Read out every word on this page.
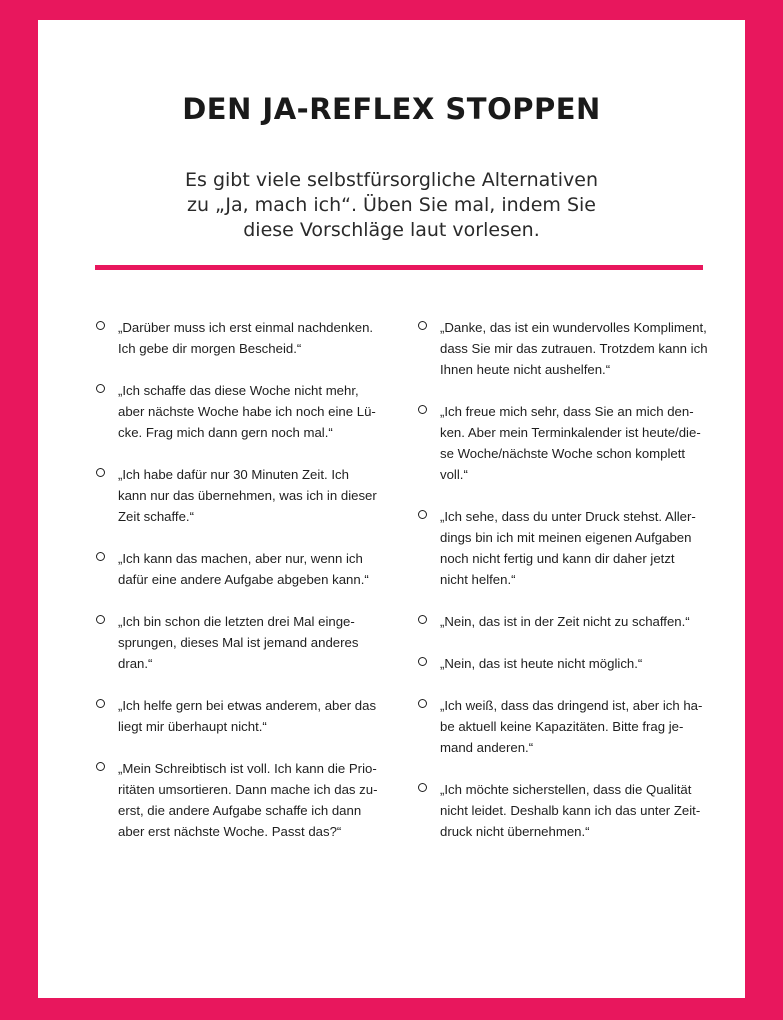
DEN JA-REFLEX STOPPEN

Es gibt viele selbstfürsorgliche Alternativen
zu „Ja, mach ich“. Üben Sie mal, indem Sie
diese Vorschläge laut vorlesen.

„Darüber muss ich erst einmal nachdenken.
Ich gebe dir morgen Bescheid.“
„Ich schaffe das diese Woche nicht mehr,
aber nächste Woche habe ich noch eine Lü-
cke. Frag mich dann gern noch mal.“
„Ich habe dafür nur 30 Minuten Zeit. Ich
kann nur das übernehmen, was ich in dieser
Zeit schaffe.“
„Ich kann das machen, aber nur, wenn ich
dafür eine andere Aufgabe abgeben kann.“
„Ich bin schon die letzten drei Mal einge-
sprungen, dieses Mal ist jemand anderes
dran.“
„Ich helfe gern bei etwas anderem, aber das
liegt mir überhaupt nicht.“
„Mein Schreibtisch ist voll. Ich kann die Prio-
ritäten umsortieren. Dann mache ich das zu-
erst, die andere Aufgabe schaffe ich dann
aber erst nächste Woche. Passt das?“
„Danke, das ist ein wundervolles Kompliment,
dass Sie mir das zutrauen. Trotzdem kann ich
Ihnen heute nicht aushelfen.“
„Ich freue mich sehr, dass Sie an mich den-
ken. Aber mein Terminkalender ist heute/die-
se Woche/nächste Woche schon komplett
voll.“
„Ich sehe, dass du unter Druck stehst. Aller-
dings bin ich mit meinen eigenen Aufgaben
noch nicht fertig und kann dir daher jetzt
nicht helfen.“
„Nein, das ist in der Zeit nicht zu schaffen.“
„Nein, das ist heute nicht möglich.“
„Ich weiß, dass das dringend ist, aber ich ha-
be aktuell keine Kapazitäten. Bitte frag je-
mand anderen.“
„Ich möchte sicherstellen, dass die Qualität
nicht leidet. Deshalb kann ich das unter Zeit-
druck nicht übernehmen.“
